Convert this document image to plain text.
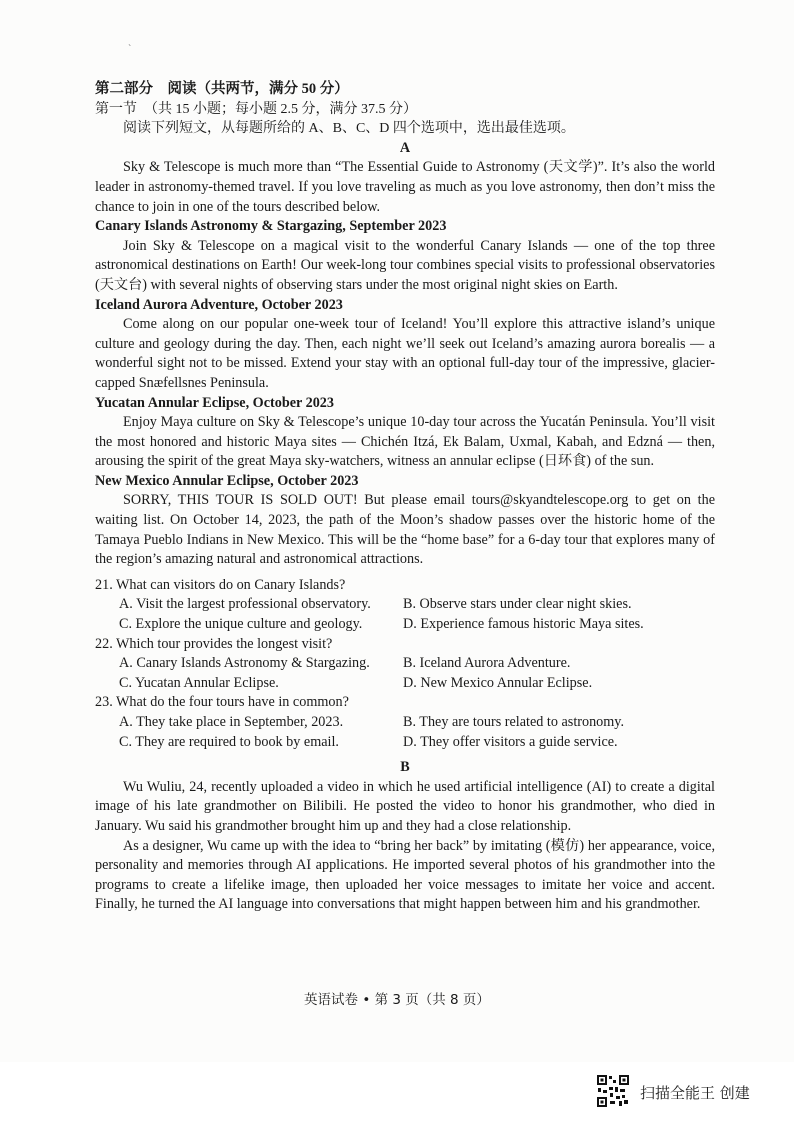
ˋ

第二部分　阅读（共两节，满分 50 分）

第一节　（共 15 小题；每小题 2.5 分，满分 37.5 分）

阅读下列短文，从每题所给的 A、B、C、D 四个选项中，选出最佳选项。

A

Sky & Telescope is much more than “The Essential Guide to Astronomy (天文学)”. It’s also the world leader in astronomy-themed travel. If you love traveling as much as you love astronomy, then don’t miss the chance to join in one of the tours described below.

Canary Islands Astronomy & Stargazing, September 2023

Join Sky & Telescope on a magical visit to the wonderful Canary Islands — one of the top three astronomical destinations on Earth! Our week-long tour combines special visits to professional observatories (天文台) with several nights of observing stars under the most original night skies on Earth.

Iceland Aurora Adventure, October 2023

Come along on our popular one-week tour of Iceland! You’ll explore this attractive island’s unique culture and geology during the day. Then, each night we’ll seek out Iceland’s amazing aurora borealis — a wonderful sight not to be missed. Extend your stay with an optional full-day tour of the impressive, glacier-capped Snæfellsnes Peninsula.

Yucatan Annular Eclipse, October 2023

Enjoy Maya culture on Sky & Telescope’s unique 10-day tour across the Yucatán Peninsula. You’ll visit the most honored and historic Maya sites — Chichén Itzá, Ek Balam, Uxmal, Kabah, and Edzná — then, arousing the spirit of the great Maya sky-watchers, witness an annular eclipse (日环食) of the sun.

New Mexico Annular Eclipse, October 2023

SORRY, THIS TOUR IS SOLD OUT! But please email tours@skyandtelescope.org to get on the waiting list. On October 14, 2023, the path of the Moon’s shadow passes over the historic home of the Tamaya Pueblo Indians in New Mexico. This will be the “home base” for a 6-day tour that explores many of the region’s amazing natural and astronomical attractions.

21. What can visitors do on Canary Islands?

A. Visit the largest professional observatory.	B. Observe stars under clear night skies.
C. Explore the unique culture and geology.	D. Experience famous historic Maya sites.

22. Which tour provides the longest visit?

A. Canary Islands Astronomy & Stargazing.	B. Iceland Aurora Adventure.
C. Yucatan Annular Eclipse.	D. New Mexico Annular Eclipse.

23. What do the four tours have in common?

A. They take place in September, 2023.	B. They are tours related to astronomy.
C. They are required to book by email.	D. They offer visitors a guide service.

B

Wu Wuliu, 24, recently uploaded a video in which he used artificial intelligence (AI) to create a digital image of his late grandmother on Bilibili. He posted the video to honor his grandmother, who died in January. Wu said his grandmother brought him up and they had a close relationship.

As a designer, Wu came up with the idea to “bring her back” by imitating (模仿) her appearance, voice, personality and memories through AI applications. He imported several photos of his grandmother into the programs to create a lifelike image, then uploaded her voice messages to imitate her voice and accent. Finally, he turned the AI language into conversations that might happen between him and his grandmother.

英语试卷 • 第 3 页（共 8 页）
扫描全能王 创建
